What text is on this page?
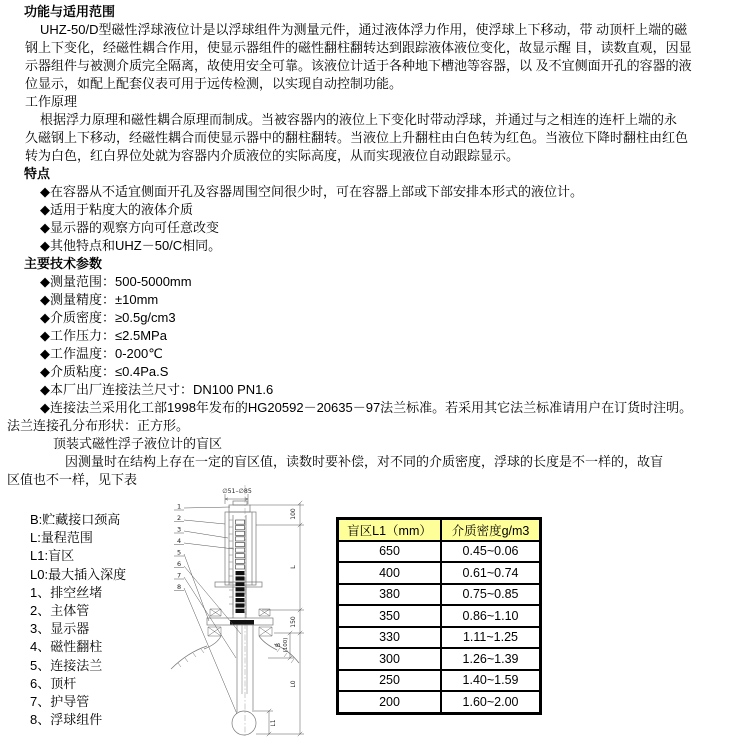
功能与适用范围
UHZ-50/D型磁性浮球液位计是以浮球组件为测量元件，通过液体浮力作用，使浮球上下移动，带 动顶杆上端的磁
钢上下变化，经磁性耦合作用，使显示器组件的磁性翻柱翻转达到跟踪液体液位变化，故显示醒 目，读数直观，因显
示器组件与被测介质完全隔离，故使用安全可靠。该液位计适于各种地下槽池等容器，以 及不宜侧面开孔的容器的液
位显示，如配上配套仪表可用于远传检测，以实现自动控制功能。
工作原理
根据浮力原理和磁性耦合原理而制成。当被容器内的液位上下变化时带动浮球，并通过与之相连的连杆上端的永
久磁钢上下移动，经磁性耦合而使显示器中的翻柱翻转。当液位上升翻柱由白色转为红色。当液位下降时翻柱由红色
转为白色，红白界位处就为容器内介质液位的实际高度，从而实现液位自动跟踪显示。
特点
◆在容器从不适宜侧面开孔及容器周围空间很少时，可在容器上部或下部安排本形式的液位计。
◆适用于粘度大的液体介质
◆显示器的观察方向可任意改变
◆其他特点和UHZ－50/C相同。
主要技术参数
◆测量范围：500-5000mm
◆测量精度：±10mm
◆介质密度：≥0.5g/cm3
◆工作压力：≤2.5MPa
◆工作温度：0-200℃
◆介质粘度：≤0.4Pa.S
◆本厂出厂连接法兰尺寸：DN100 PN1.6
◆连接法兰采用化工部1998年发布的HG20592－20635－97法兰标准。若采用其它法兰标准请用户在订货时注明。
法兰连接孔分布形状：正方形。
顶装式磁性浮子液位计的盲区
因测量时在结构上存在一定的盲区值，读数时要补偿，对不同的介质密度，浮球的长度是不一样的，故盲
区值也不一样，见下表
B:贮藏接口颈高
L:量程范围
L1:盲区
L0:最大插入深度
1、排空丝堵
2、主体管
3、显示器
4、磁性翻柱
5、连接法兰
6、顶杆
7、护导管
8、浮球组件
∅51–∅85
100
L
150
B (100)
L0
L1
1
2
3
4
5
6
7
8
盲区L1（mm）	介质密度g/m3
650	0.45~0.06
400	0.61~0.74
380	0.75~0.85
350	0.86~1.10
330	1.11~1.25
300	1.26~1.39
250	1.40~1.59
200	1.60~2.00
